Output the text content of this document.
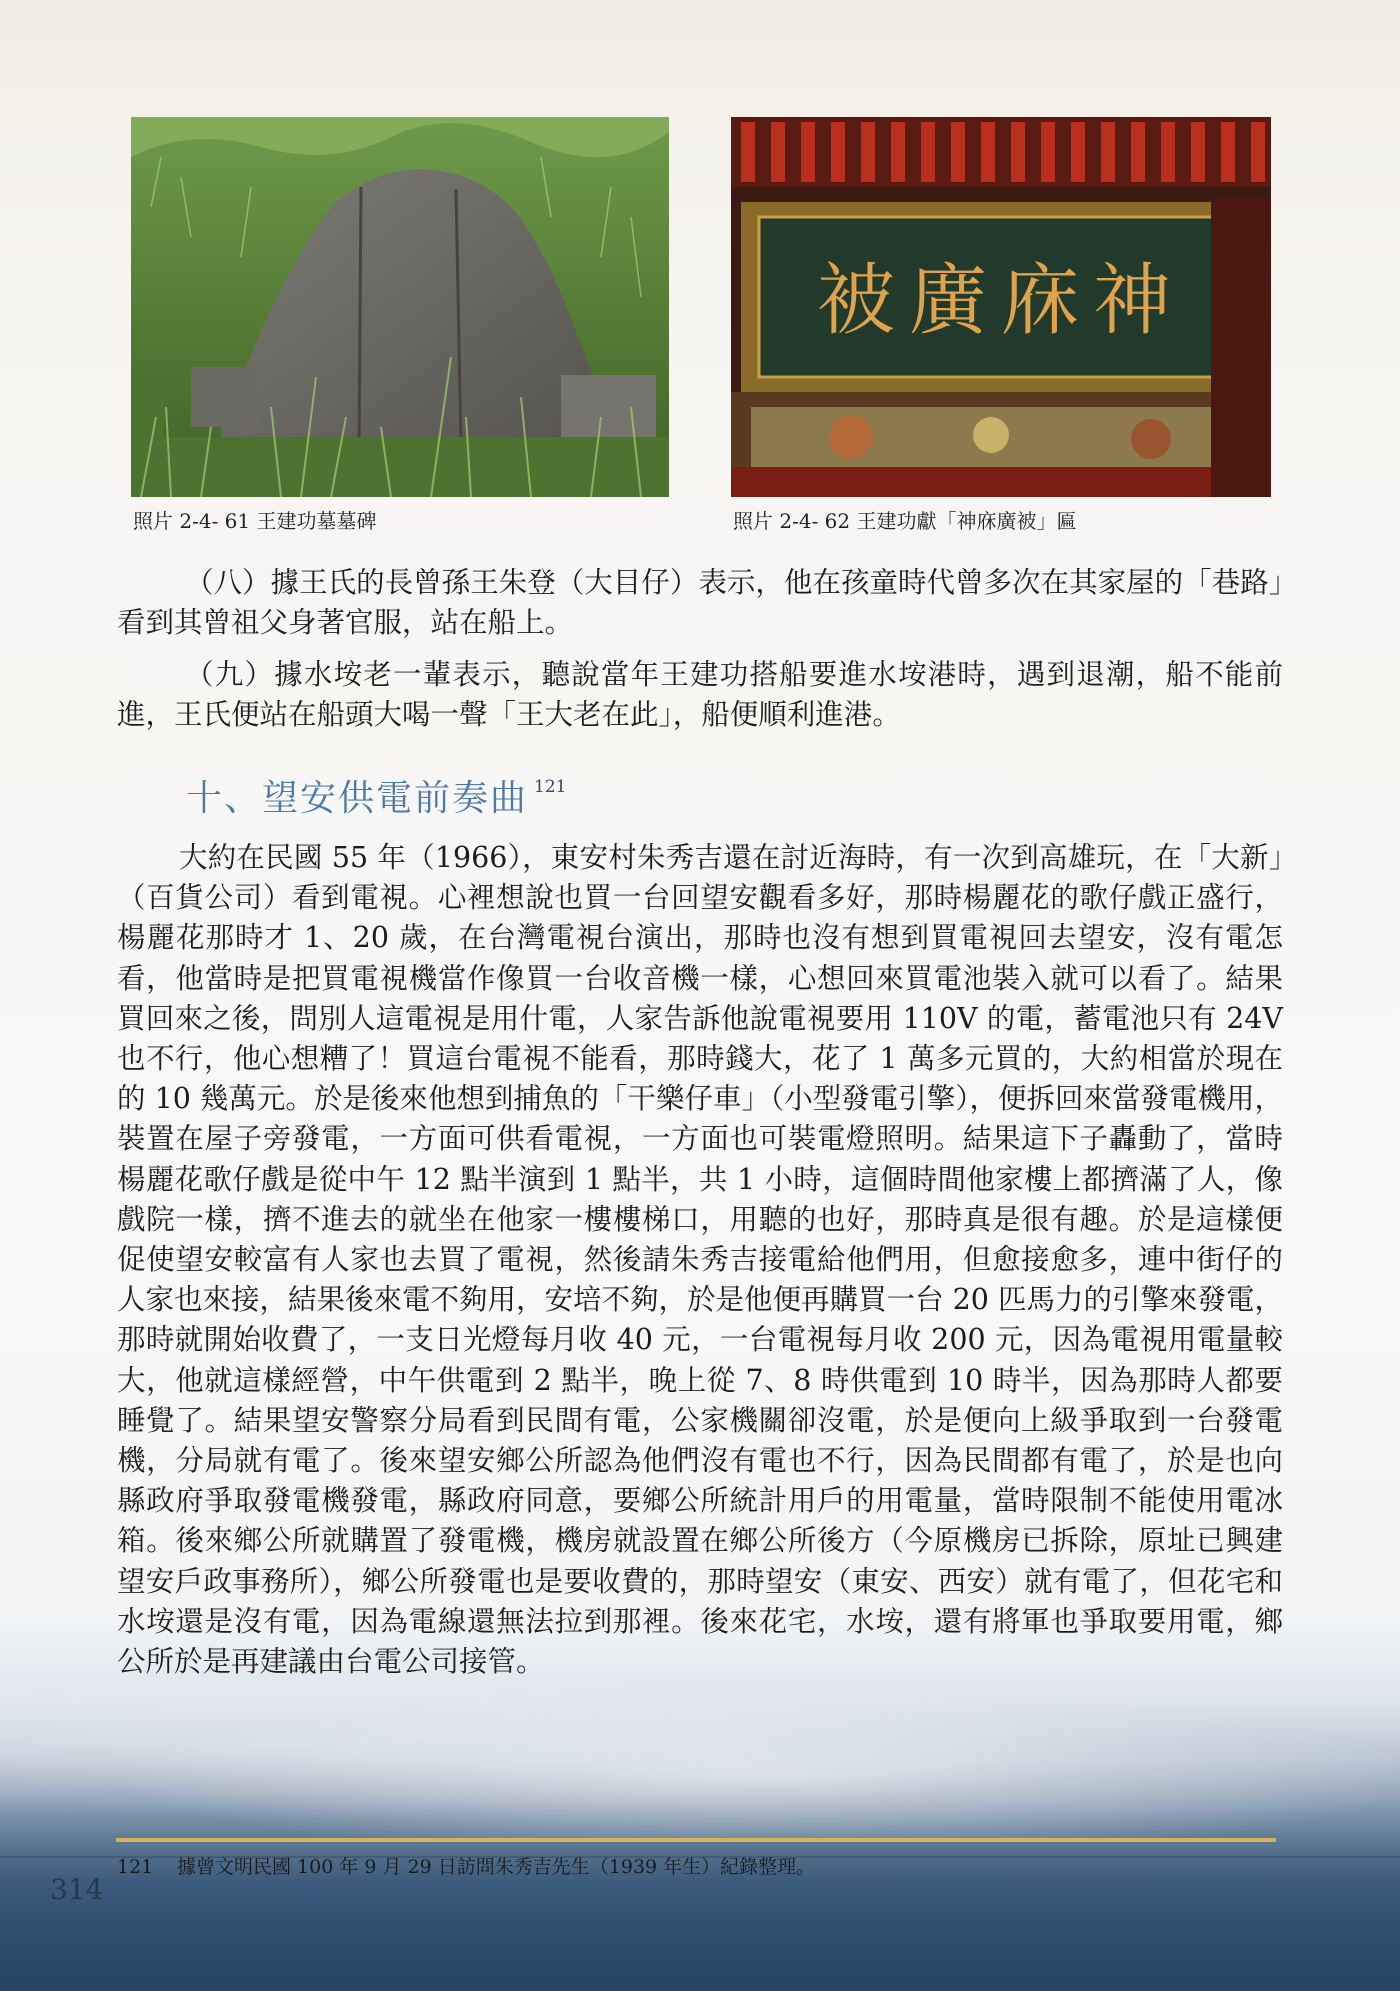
被廣庥神
照片 2-4- 61 王建功墓墓碑	照片 2-4- 62 王建功獻「神庥廣被」匾

（八）據王氏的長曾孫王朱登（大目仔）表示，他在孩童時代曾多次在其家屋的「巷路」看到其曾祖父身著官服，站在船上。

（九）據水垵老一輩表示，聽說當年王建功搭船要進水垵港時，遇到退潮，船不能前進，王氏便站在船頭大喝一聲「王大老在此」，船便順利進港。

十、望安供電前奏曲 $^{121}$

大約在民國 55 年（1966），東安村朱秀吉還在討近海時，有一次到高雄玩，在「大新」（百貨公司）看到電視。心裡想說也買一台回望安觀看多好，那時楊麗花的歌仔戲正盛行，楊麗花那時才 1、20 歲，在台灣電視台演出，那時也沒有想到買電視回去望安，沒有電怎看，他當時是把買電視機當作像買一台收音機一樣，心想回來買電池裝入就可以看了。結果買回來之後，問別人這電視是用什電，人家告訴他說電視要用 110V 的電，蓄電池只有 24V 也不行，他心想糟了！買這台電視不能看，那時錢大，花了 1 萬多元買的，大約相當於現在的 10 幾萬元。於是後來他想到捕魚的「干樂仔車」（小型發電引擎），便拆回來當發電機用，裝置在屋子旁發電，一方面可供看電視，一方面也可裝電燈照明。結果這下子轟動了，當時楊麗花歌仔戲是從中午 12 點半演到 1 點半，共 1 小時，這個時間他家樓上都擠滿了人，像戲院一樣，擠不進去的就坐在他家一樓樓梯口，用聽的也好，那時真是很有趣。於是這樣便促使望安較富有人家也去買了電視，然後請朱秀吉接電給他們用，但愈接愈多，連中街仔的人家也來接，結果後來電不夠用，安培不夠，於是他便再購買一台 20 匹馬力的引擎來發電，那時就開始收費了，一支日光燈每月收 40 元，一台電視每月收 200 元，因為電視用電量較大，他就這樣經營，中午供電到 2 點半，晚上從 7、8 時供電到 10 時半，因為那時人都要睡覺了。結果望安警察分局看到民間有電，公家機關卻沒電，於是便向上級爭取到一台發電機，分局就有電了。後來望安鄉公所認為他們沒有電也不行，因為民間都有電了，於是也向縣政府爭取發電機發電，縣政府同意，要鄉公所統計用戶的用電量，當時限制不能使用電冰箱。後來鄉公所就購置了發電機，機房就設置在鄉公所後方（今原機房已拆除，原址已興建望安戶政事務所），鄉公所發電也是要收費的，那時望安（東安、西安）就有電了，但花宅和水垵還是沒有電，因為電線還無法拉到那裡。後來花宅，水垵，還有將軍也爭取要用電，鄉公所於是再建議由台電公司接管。

121 據曾文明民國 100 年 9 月 29 日訪問朱秀吉先生（1939 年生）紀錄整理。
314
